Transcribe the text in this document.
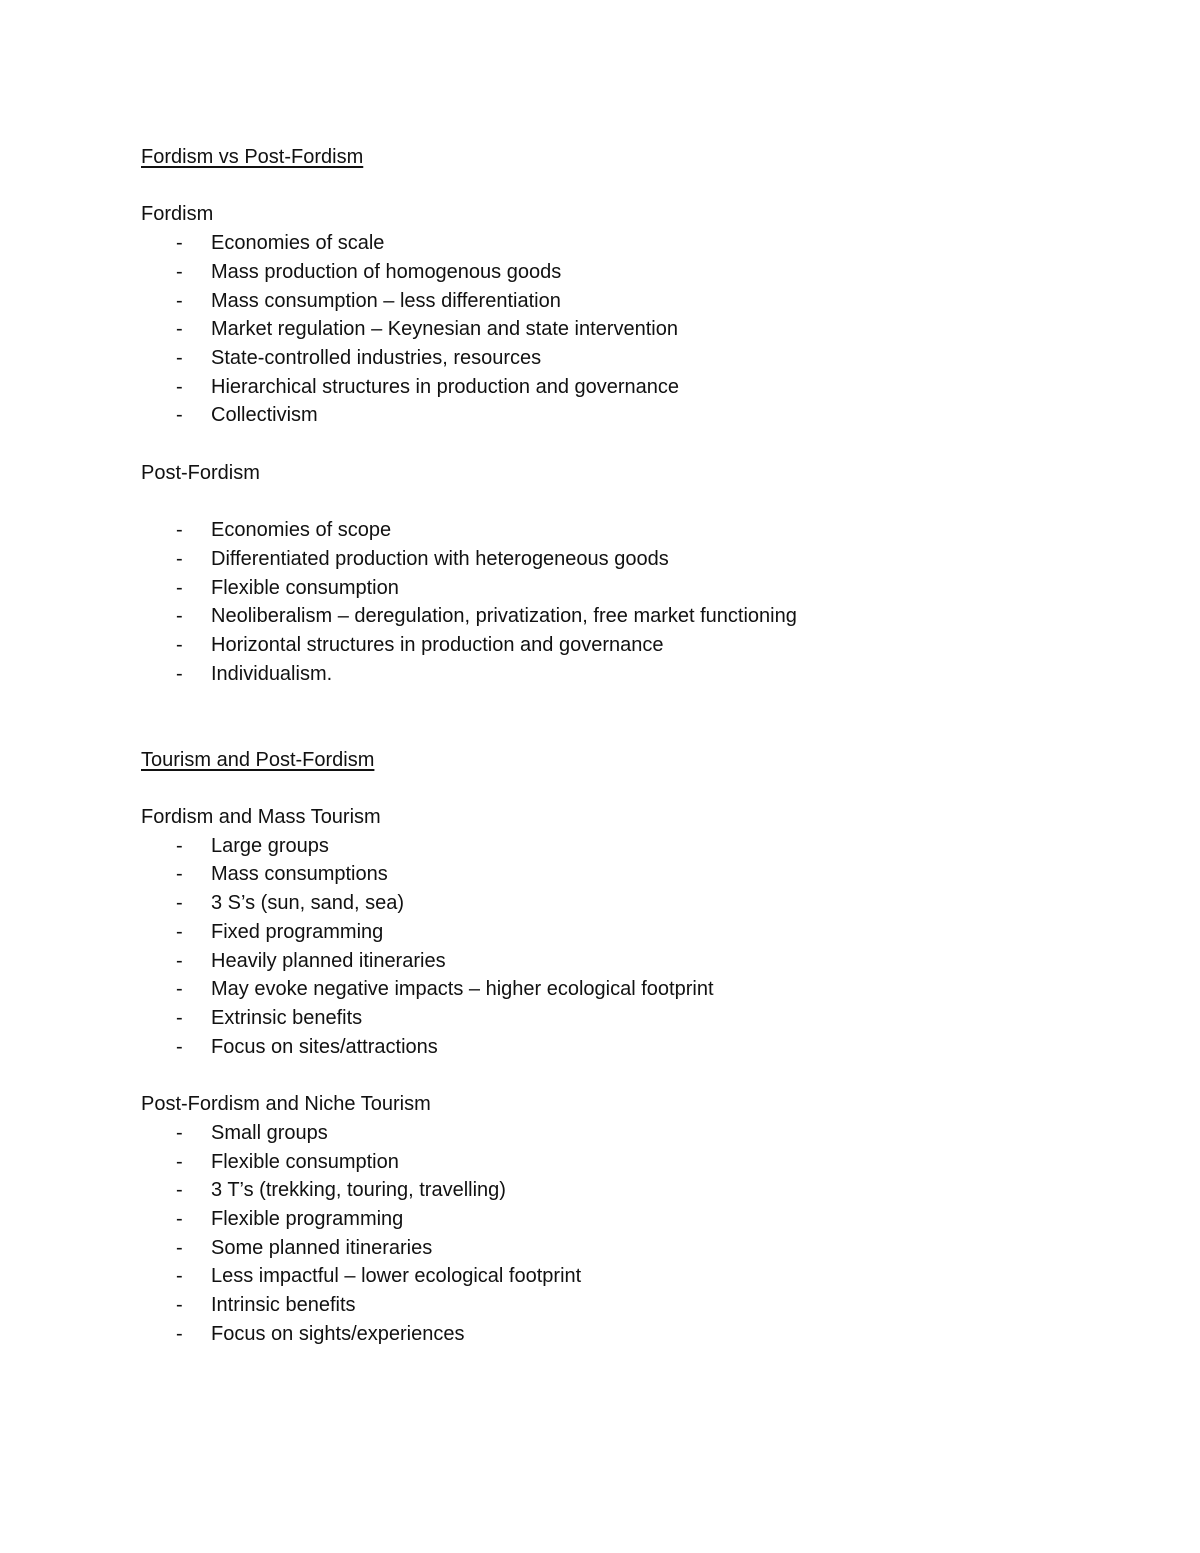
Fordism vs Post-Fordism
Fordism
- Economies of scale
- Mass production of homogenous goods
- Mass consumption – less differentiation
- Market regulation – Keynesian and state intervention
- State-controlled industries, resources
- Hierarchical structures in production and governance
- Collectivism
Post-Fordism
- Economies of scope
- Differentiated production with heterogeneous goods
- Flexible consumption
- Neoliberalism – deregulation, privatization, free market functioning
- Horizontal structures in production and governance
- Individualism.
Tourism and Post-Fordism
Fordism and Mass Tourism
- Large groups
- Mass consumptions
- 3 S’s (sun, sand, sea)
- Fixed programming
- Heavily planned itineraries
- May evoke negative impacts – higher ecological footprint
- Extrinsic benefits
- Focus on sites/attractions
Post-Fordism and Niche Tourism
- Small groups
- Flexible consumption
- 3 T’s (trekking, touring, travelling)
- Flexible programming
- Some planned itineraries
- Less impactful – lower ecological footprint
- Intrinsic benefits
- Focus on sights/experiences
